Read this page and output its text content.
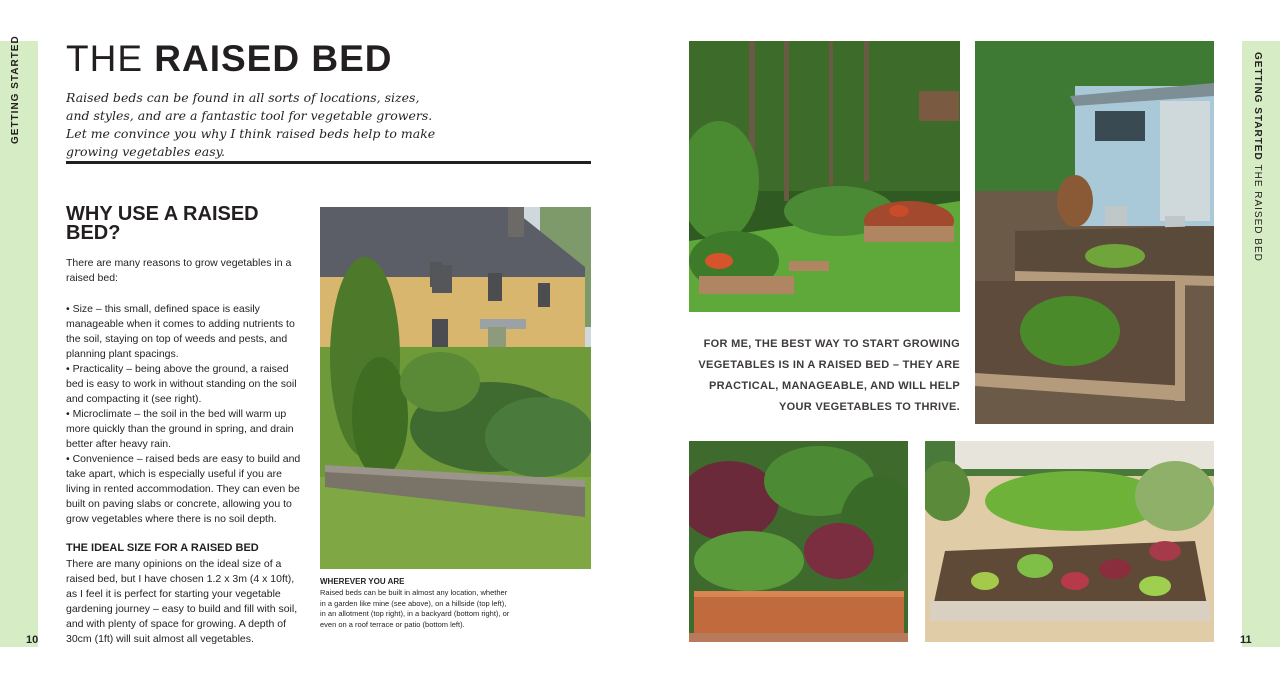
GETTING STARTED	GETTING STARTED THE RAISED BED
10	11
THE RAISED BED
Raised beds can be found in all sorts of locations, sizes, and styles, and are a fantastic tool for vegetable growers. Let me convince you why I think raised beds help to make growing vegetables easy.
WHY USE A RAISED BED?
There are many reasons to grow vegetables in a raised bed:

• Size – this small, defined space is easily manageable when it comes to adding nutrients to the soil, staying on top of weeds and pests, and planning plant spacings.

• Practicality – being above the ground, a raised bed is easy to work in without standing on the soil and compacting it (see right).

• Microclimate – the soil in the bed will warm up more quickly than the ground in spring, and drain better after heavy rain.

• Convenience – raised beds are easy to build and take apart, which is especially useful if you are living in rented accommodation. They can even be built on paving slabs or concrete, allowing you to grow vegetables where there is no soil depth.

THE IDEAL SIZE FOR A RAISED BED
There are many opinions on the ideal size of a raised bed, but I have chosen 1.2 x 3m (4 x 10ft), as I feel it is perfect for starting your vegetable gardening journey – easy to build and fill with soil, and with plenty of space for growing. A depth of 30cm (1ft) will suit almost all vegetables.
WHEREVER YOU ARE
Raised beds can be built in almost any location, whether in a garden like mine (see above), on a hillside (top left), in an allotment (top right), in a backyard (bottom right), or even on a roof terrace or patio (bottom left).
FOR ME, THE BEST WAY TO START GROWING VEGETABLES IS IN A RAISED BED – THEY ARE PRACTICAL, MANAGEABLE, AND WILL HELP YOUR VEGETABLES TO THRIVE.
